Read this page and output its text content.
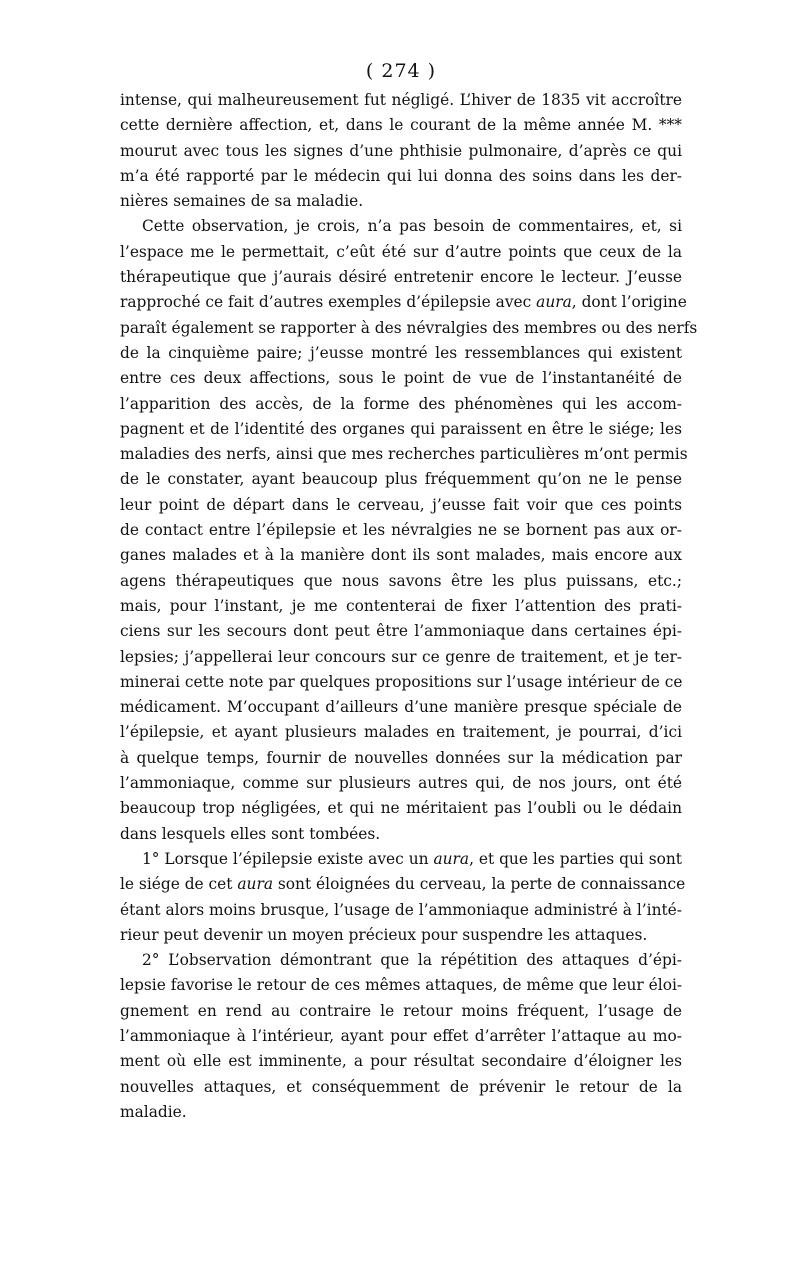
( 274 )
intense, qui malheureusement fut négligé. L’hiver de 1835 vit accroître
cette dernière affection, et, dans le courant de la même année M. ***
mourut avec tous les signes d’une phthisie pulmonaire, d’après ce qui
m’a été rapporté par le médecin qui lui donna des soins dans les der-
nières semaines de sa maladie.
Cette observation, je crois, n’a pas besoin de commentaires, et, si
l’espace me le permettait, c’eût été sur d’autre points que ceux de la
thérapeutique que j’aurais désiré entretenir encore le lecteur. J’eusse
rapproché ce fait d’autres exemples d’épilepsie avec aura, dont l’origine
paraît également se rapporter à des névralgies des membres ou des nerfs
de la cinquième paire; j’eusse montré les ressemblances qui existent
entre ces deux affections, sous le point de vue de l’instantanéité de
l’apparition des accès, de la forme des phénomènes qui les accom-
pagnent et de l’identité des organes qui paraissent en être le siége; les
maladies des nerfs, ainsi que mes recherches particulières m’ont permis
de le constater, ayant beaucoup plus fréquemment qu’on ne le pense
leur point de départ dans le cerveau, j’eusse fait voir que ces points
de contact entre l’épilepsie et les névralgies ne se bornent pas aux or-
ganes malades et à la manière dont ils sont malades, mais encore aux
agens thérapeutiques que nous savons être les plus puissans, etc.;
mais, pour l’instant, je me contenterai de fixer l’attention des prati-
ciens sur les secours dont peut être l’ammoniaque dans certaines épi-
lepsies; j’appellerai leur concours sur ce genre de traitement, et je ter-
minerai cette note par quelques propositions sur l’usage intérieur de ce
médicament. M’occupant d’ailleurs d’une manière presque spéciale de
l’épilepsie, et ayant plusieurs malades en traitement, je pourrai, d’ici
à quelque temps, fournir de nouvelles données sur la médication par
l’ammoniaque, comme sur plusieurs autres qui, de nos jours, ont été
beaucoup trop négligées, et qui ne méritaient pas l’oubli ou le dédain
dans lesquels elles sont tombées.
1° Lorsque l’épilepsie existe avec un aura, et que les parties qui sont
le siége de cet aura sont éloignées du cerveau, la perte de connaissance
étant alors moins brusque, l’usage de l’ammoniaque administré à l’inté-
rieur peut devenir un moyen précieux pour suspendre les attaques.
2° L’observation démontrant que la répétition des attaques d’épi-
lepsie favorise le retour de ces mêmes attaques, de même que leur éloi-
gnement en rend au contraire le retour moins fréquent, l’usage de
l’ammoniaque à l’intérieur, ayant pour effet d’arrêter l’attaque au mo-
ment où elle est imminente, a pour résultat secondaire d’éloigner les
nouvelles attaques, et conséquemment de prévenir le retour de la
maladie.
